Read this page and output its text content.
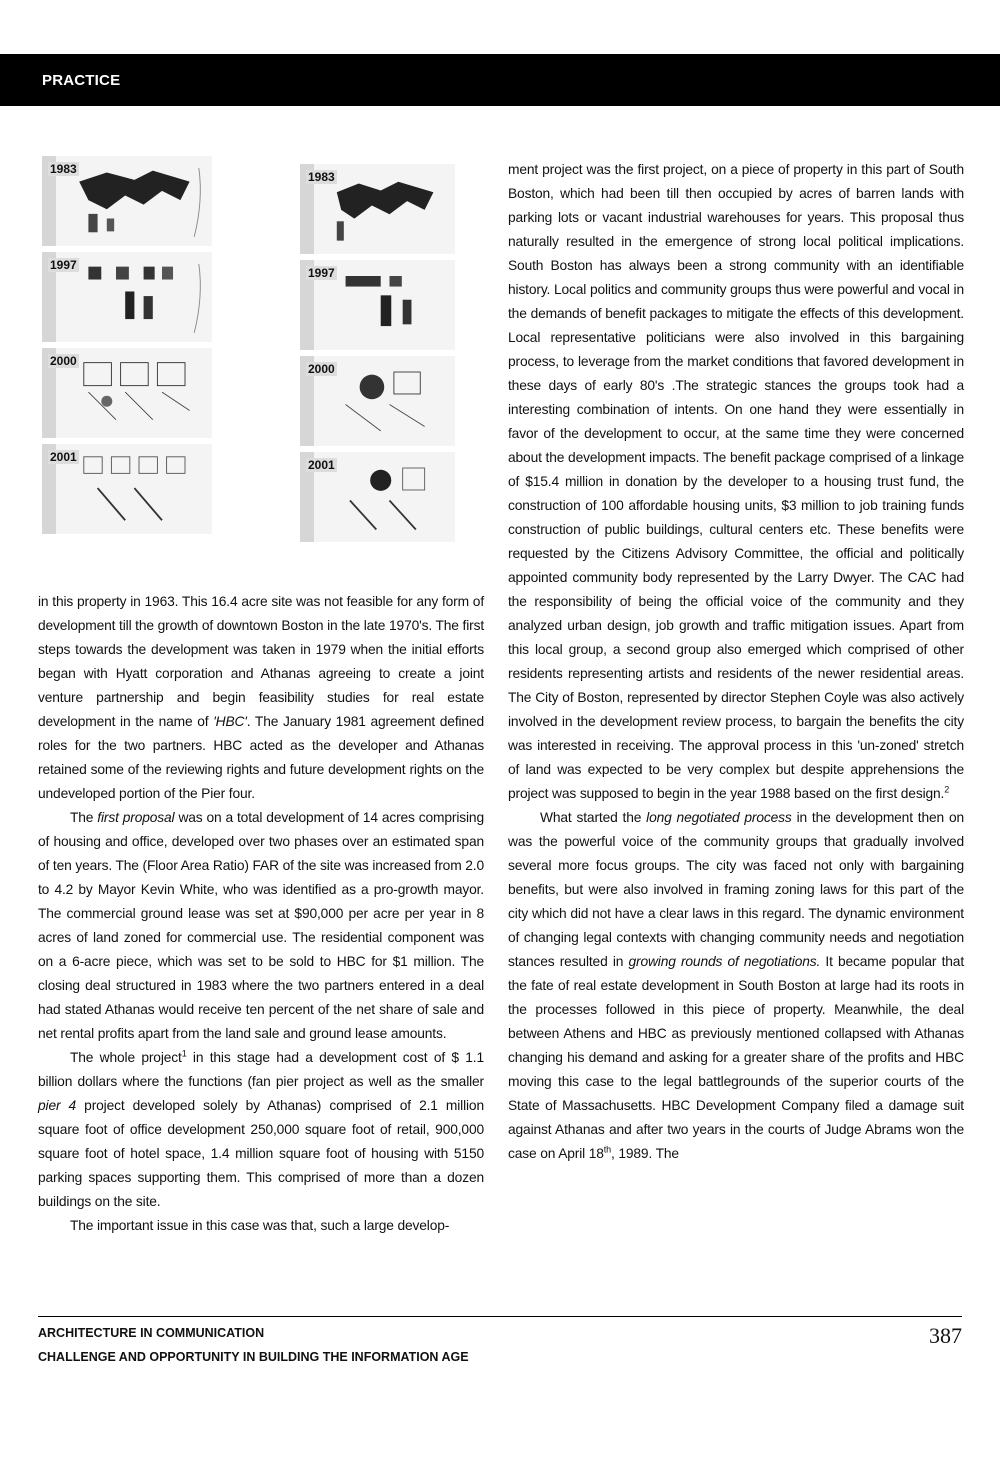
PRACTICE
1983
1997
2000
2001
1983
1997
2000
2001

in this property in 1963. This 16.4 acre site was not feasible for any form of development till the growth of downtown Boston in the late 1970's. The first steps towards the development was taken in 1979 when the initial efforts began with Hyatt corporation and Athanas agreeing to create a joint venture partnership and begin feasibility studies for real estate development in the name of 'HBC'. The January 1981 agreement defined roles for the two partners. HBC acted as the developer and Athanas retained some of the reviewing rights and future development rights on the undeveloped portion of the Pier four.

The first proposal was on a total development of 14 acres comprising of housing and office, developed over two phases over an estimated span of ten years. The (Floor Area Ratio) FAR of the site was increased from 2.0 to 4.2 by Mayor Kevin White, who was identified as a pro-growth mayor. The commercial ground lease was set at $90,000 per acre per year in 8 acres of land zoned for commercial use. The residential component was on a 6-acre piece, which was set to be sold to HBC for $1 million. The closing deal structured in 1983 where the two partners entered in a deal had stated Athanas would receive ten percent of the net share of sale and net rental profits apart from the land sale and ground lease amounts.

The whole project$^1$ in this stage had a development cost of $ 1.1 billion dollars where the functions (fan pier project as well as the smaller pier 4 project developed solely by Athanas) comprised of 2.1 million square foot of office development 250,000 square foot of retail, 900,000 square foot of hotel space, 1.4 million square foot of housing with 5150 parking spaces supporting them. This comprised of more than a dozen buildings on the site.

The important issue in this case was that, such a large develop-

ment project was the first project, on a piece of property in this part of South Boston, which had been till then occupied by acres of barren lands with parking lots or vacant industrial warehouses for years. This proposal thus naturally resulted in the emergence of strong local political implications. South Boston has always been a strong community with an identifiable history. Local politics and community groups thus were powerful and vocal in the demands of benefit packages to mitigate the effects of this development. Local representative politicians were also involved in this bargaining process, to leverage from the market conditions that favored development in these days of early 80's .The strategic stances the groups took had a interesting combination of intents. On one hand they were essentially in favor of the development to occur, at the same time they were concerned about the development impacts. The benefit package comprised of a linkage of $15.4 million in donation by the developer to a housing trust fund, the construction of 100 affordable housing units, $3 million to job training funds construction of public buildings, cultural centers etc. These benefits were requested by the Citizens Advisory Committee, the official and politically appointed community body represented by the Larry Dwyer. The CAC had the responsibility of being the official voice of the community and they analyzed urban design, job growth and traffic mitigation issues. Apart from this local group, a second group also emerged which comprised of other residents representing artists and residents of the newer residential areas. The City of Boston, represented by director Stephen Coyle was also actively involved in the development review process, to bargain the benefits the city was interested in receiving. The approval process in this 'un-zoned' stretch of land was expected to be very complex but despite apprehensions the project was supposed to begin in the year 1988 based on the first design.$^2$

What started the long negotiated process in the development then on was the powerful voice of the community groups that gradually involved several more focus groups. The city was faced not only with bargaining benefits, but were also involved in framing zoning laws for this part of the city which did not have a clear laws in this regard. The dynamic environment of changing legal contexts with changing community needs and negotiation stances resulted in growing rounds of negotiations. It became popular that the fate of real estate development in South Boston at large had its roots in the processes followed in this piece of property. Meanwhile, the deal between Athens and HBC as previously mentioned collapsed with Athanas changing his demand and asking for a greater share of the profits and HBC moving this case to the legal battlegrounds of the superior courts of the State of Massachusetts. HBC Development Company filed a damage suit against Athanas and after two years in the courts of Judge Abrams won the case on April 18th, 1989. The

ARCHITECTURE IN COMMUNICATION
CHALLENGE AND OPPORTUNITY IN BUILDING THE INFORMATION AGE
387
